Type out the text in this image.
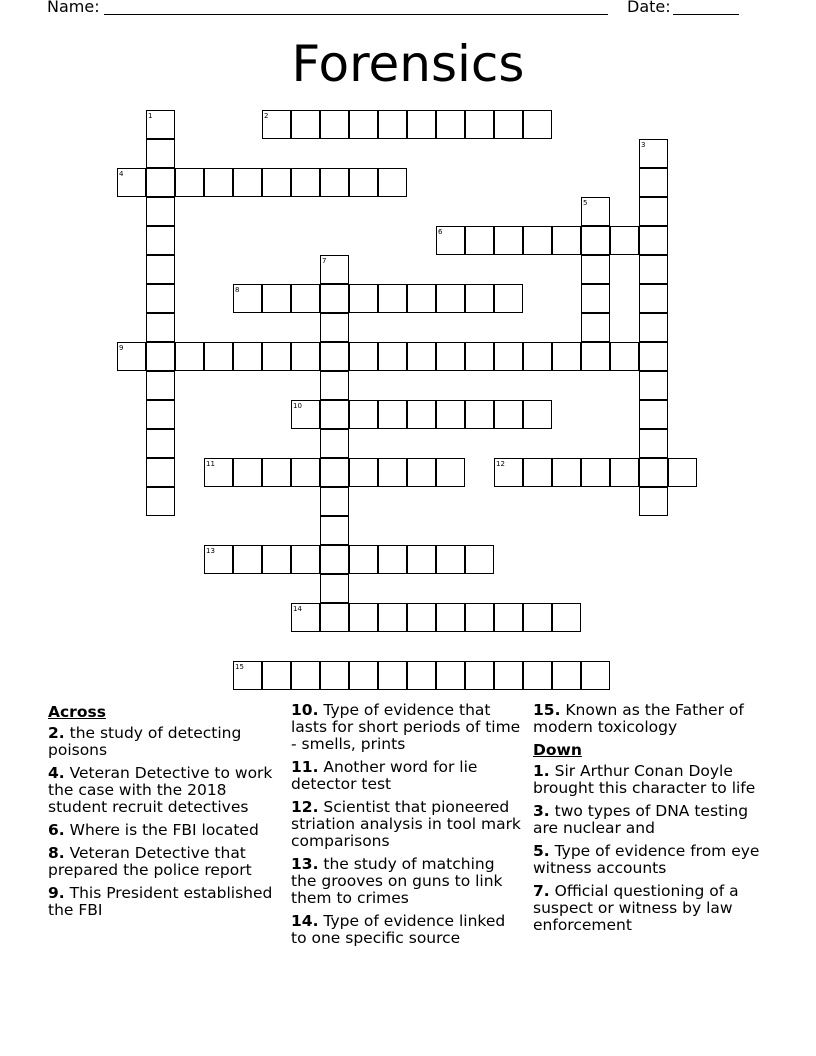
Name:	Date:
Forensics
1	2
3
4
5
6
7
8
9
10
11	12
13
14
15
Across
2. the study of detecting poisons
4. Veteran Detective to work the case with the 2018 student recruit detectives
6. Where is the FBI located
8. Veteran Detective that prepared the police report
9. This President established the FBI
10. Type of evidence that lasts for short periods of time - smells, prints
11. Another word for lie detector test
12. Scientist that pioneered striation analysis in tool mark comparisons
13. the study of matching the grooves on guns to link them to crimes
14. Type of evidence linked to one specific source
15. Known as the Father of modern toxicology
Down
1. Sir Arthur Conan Doyle brought this character to life
3. two types of DNA testing are nuclear and
5. Type of evidence from eye witness accounts
7. Official questioning of a suspect or witness by law enforcement
